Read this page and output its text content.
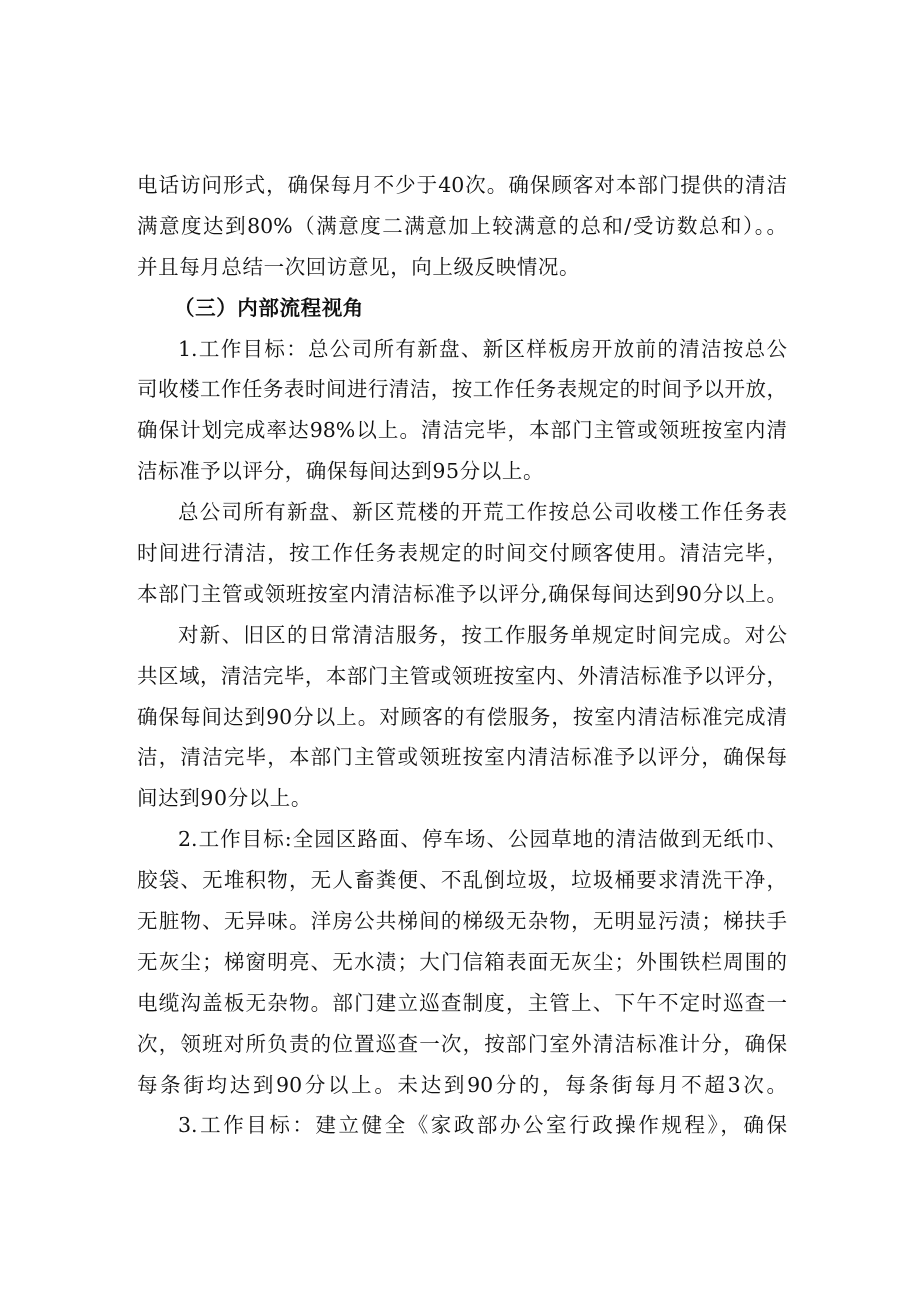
电话访问形式，确保每月不少于40次。确保顾客对本部门提供的清洁
满意度达到80%（满意度二满意加上较满意的总和/受访数总和）。。
并且每月总结一次回访意见，向上级反映情况。
（三）内部流程视角
1.工作目标：总公司所有新盘、新区样板房开放前的清洁按总公
司收楼工作任务表时间进行清洁，按工作任务表规定的时间予以开放，
确保计划完成率达98%以上。清洁完毕，本部门主管或领班按室内清
洁标准予以评分，确保每间达到95分以上。
总公司所有新盘、新区荒楼的开荒工作按总公司收楼工作任务表
时间进行清洁，按工作任务表规定的时间交付顾客使用。清洁完毕，
本部门主管或领班按室内清洁标准予以评分,确保每间达到90分以上。
对新、旧区的日常清洁服务，按工作服务单规定时间完成。对公
共区域，清洁完毕，本部门主管或领班按室内、外清洁标准予以评分，
确保每间达到90分以上。对顾客的有偿服务，按室内清洁标准完成清
洁，清洁完毕，本部门主管或领班按室内清洁标准予以评分，确保每
间达到90分以上。
2.工作目标:全园区路面、停车场、公园草地的清洁做到无纸巾、
胶袋、无堆积物，无人畜粪便、不乱倒垃圾，垃圾桶要求清洗干净，
无脏物、无异味。洋房公共梯间的梯级无杂物，无明显污渍；梯扶手
无灰尘；梯窗明亮、无水渍；大门信箱表面无灰尘；外围铁栏周围的
电缆沟盖板无杂物。部门建立巡查制度，主管上、下午不定时巡查一
次，领班对所负责的位置巡查一次，按部门室外清洁标准计分，确保
每条街均达到90分以上。未达到90分的，每条街每月不超3次。
3.工作目标：建立健全《家政部办公室行政操作规程》，确保
